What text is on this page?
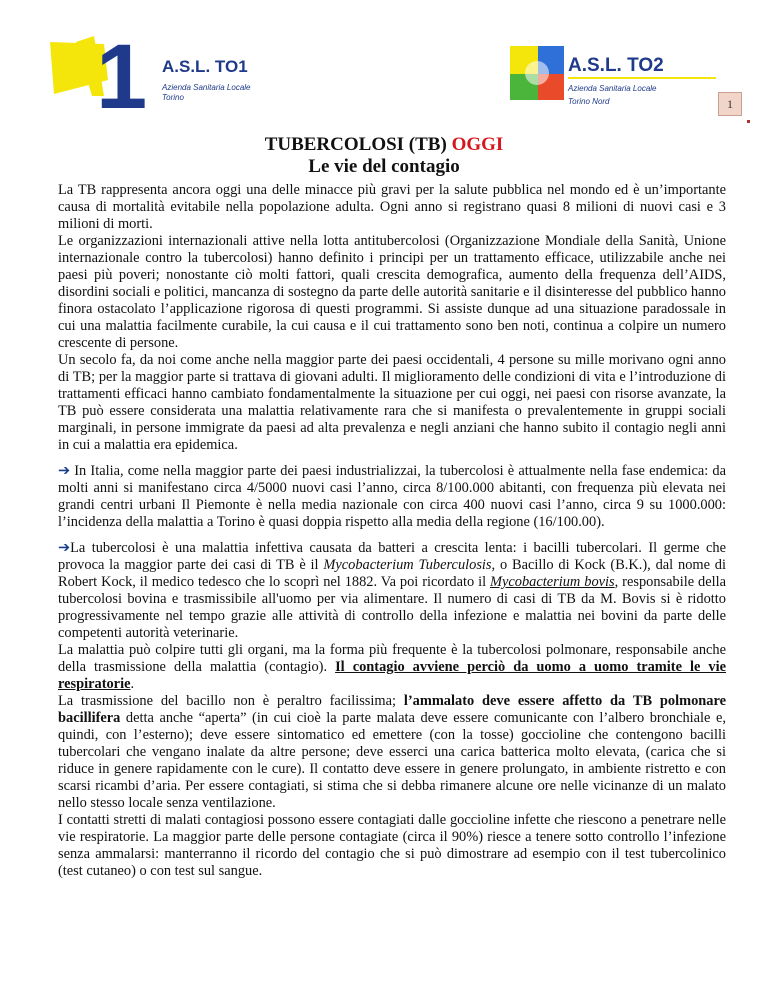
1 A.S.L. TO1
Azienda Sanitaria Locale
Torino
A.S.L. TO2
Azienda Sanitaria Locale
Torino Nord	1
TUBERCOLOSI (TB) OGGI
Le vie del contagio

La TB rappresenta ancora oggi una delle minacce più gravi per la salute pubblica nel mondo ed è un’importante causa di mortalità evitabile nella popolazione adulta. Ogni anno si registrano quasi 8 milioni di nuovi casi e 3 milioni di morti.

Le organizzazioni internazionali attive nella lotta antitubercolosi (Organizzazione Mondiale della Sanità, Unione internazionale contro la tubercolosi) hanno definito i principi per un trattamento efficace, utilizzabile anche nei paesi più poveri; nonostante ciò molti fattori, quali crescita demografica, aumento della frequenza dell’AIDS, disordini sociali e politici, mancanza di sostegno da parte delle autorità sanitarie e il disinteresse del pubblico hanno finora ostacolato l’applicazione rigorosa di questi programmi. Si assiste dunque ad una situazione paradossale in cui una malattia facilmente curabile, la cui causa e il cui trattamento sono ben noti, continua a colpire un numero crescente di persone.

Un secolo fa, da noi come anche nella maggior parte dei paesi occidentali, 4 persone su mille morivano ogni anno di TB; per la maggior parte si trattava di giovani adulti. Il miglioramento delle condizioni di vita e l’introduzione di trattamenti efficaci hanno cambiato fondamentalmente la situazione per cui oggi, nei paesi con risorse avanzate, la TB può essere considerata una malattia relativamente rara che si manifesta o prevalentemente in gruppi sociali marginali, in persone immigrate da paesi ad alta prevalenza e negli anziani che hanno subito il contagio negli anni in cui a malattia era epidemica.

➔ In Italia, come nella maggior parte dei paesi industrializzai, la tubercolosi è attualmente nella fase endemica: da molti anni si manifestano circa 4/5000 nuovi casi l’anno, circa 8/100.000 abitanti, con frequenza più elevata nei grandi centri urbani Il Piemonte è nella media nazionale con circa 400 nuovi casi l’anno, circa 9 su 1000.000: l’incidenza della malattia a Torino è quasi doppia rispetto alla media della regione (16/100.00).

➔La tubercolosi è una malattia infettiva causata da batteri a crescita lenta: i bacilli tubercolari. Il germe che provoca la maggior parte dei casi di TB è il Mycobacterium Tuberculosis, o Bacillo di Kock (B.K.), dal nome di Robert Kock, il medico tedesco che lo scoprì nel 1882. Va poi ricordato il Mycobacterium bovis, responsabile della tubercolosi bovina e trasmissibile all'uomo per via alimentare. Il numero di casi di TB da M. Bovis si è ridotto progressivamente nel tempo grazie alle attività di controllo della infezione e malattia nei bovini da parte delle competenti autorità veterinarie.

La malattia può colpire tutti gli organi, ma la forma più frequente è la tubercolosi polmonare, responsabile anche della trasmissione della malattia (contagio). Il contagio avviene perciò da uomo a uomo tramite le vie respiratorie.

La trasmissione del bacillo non è peraltro facilissima; l’ammalato deve essere affetto da TB polmonare bacillifera detta anche “aperta” (in cui cioè la parte malata deve essere comunicante con l’albero bronchiale e, quindi, con l’esterno); deve essere sintomatico ed emettere (con la tosse) goccioline che contengono bacilli tubercolari che vengano inalate da altre persone; deve esserci una carica batterica molto elevata, (carica che si riduce in genere rapidamente con le cure). Il contatto deve essere in genere prolungato, in ambiente ristretto e con scarsi ricambi d’aria. Per essere contagiati, si stima che si debba rimanere alcune ore nelle vicinanze di un malato nello stesso locale senza ventilazione.

I contatti stretti di malati contagiosi possono essere contagiati dalle goccioline infette che riescono a penetrare nelle vie respiratorie. La maggior parte delle persone contagiate (circa il 90%) riesce a tenere sotto controllo l’infezione senza ammalarsi: manterranno il ricordo del contagio che si può dimostrare ad esempio con il test tubercolinico (test cutaneo) o con test sul sangue.
